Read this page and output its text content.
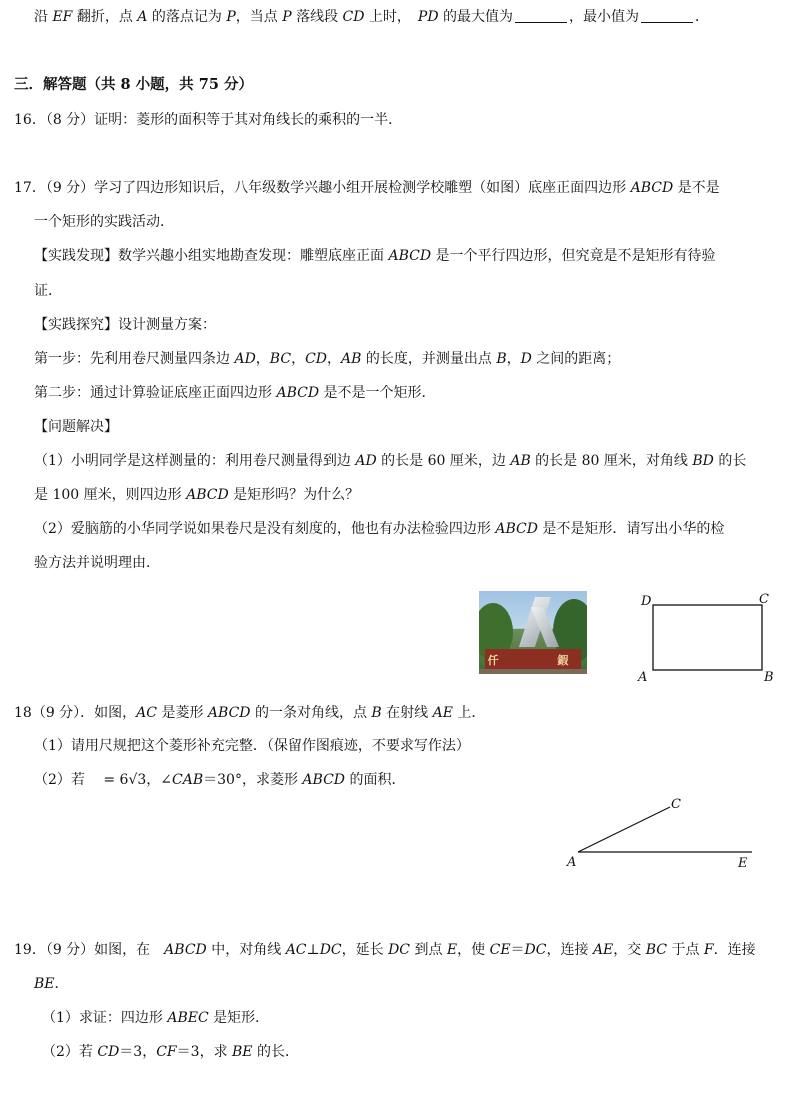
沿 EF 翻折，点 A 的落点记为 P，当点 P 落线段 CD 上时，　PD 的最大值为	，最小值为	．
三．解答题（共 8 小题，共 75 分）
16．（8 分）证明：菱形的面积等于其对角线长的乘积的一半．
17．（9 分）学习了四边形知识后，八年级数学兴趣小组开展检测学校雕塑（如图）底座正面四边形 ABCD 是不是
一个矩形的实践活动．
【实践发现】数学兴趣小组实地勘查发现：雕塑底座正面 ABCD 是一个平行四边形，但究竟是不是矩形有待验
证．
【实践探究】设计测量方案：
第一步：先利用卷尺测量四条边 AD，BC，CD，AB 的长度，并测量出点 B，D 之间的距离；
第二步：通过计算验证底座正面四边形 ABCD 是不是一个矩形．
【问题解决】
（1）小明同学是这样测量的：利用卷尺测量得到边 AD 的长是 60 厘米，边 AB 的长是 80 厘米，对角线 BD 的长
是 100 厘米，则四边形 ABCD 是矩形吗？为什么？
（2）爱脑筋的小华同学说如果卷尺是没有刻度的，他也有办法检验四边形 ABCD 是不是矩形．请写出小华的检
验方法并说明理由．
仟 　 鍜
D	C
A	B
A
C
E
18（9 分）．如图，AC 是菱形 ABCD 的一条对角线，点 B 在射线 AE 上．
（1）请用尺规把这个菱形补充完整．（保留作图痕迹，不要求写作法）
（2）若 = 6√3，∠CAB＝30°，求菱形 ABCD 的面积．
19．（9 分）如图，在　ABCD 中，对角线 AC⊥DC，延长 DC 到点 E，使 CE＝DC，连接 AE，交 BC 于点 F．连接
BE．
（1）求证：四边形 ABEC 是矩形．
（2）若 CD＝3，CF＝3，求 BE 的长．
